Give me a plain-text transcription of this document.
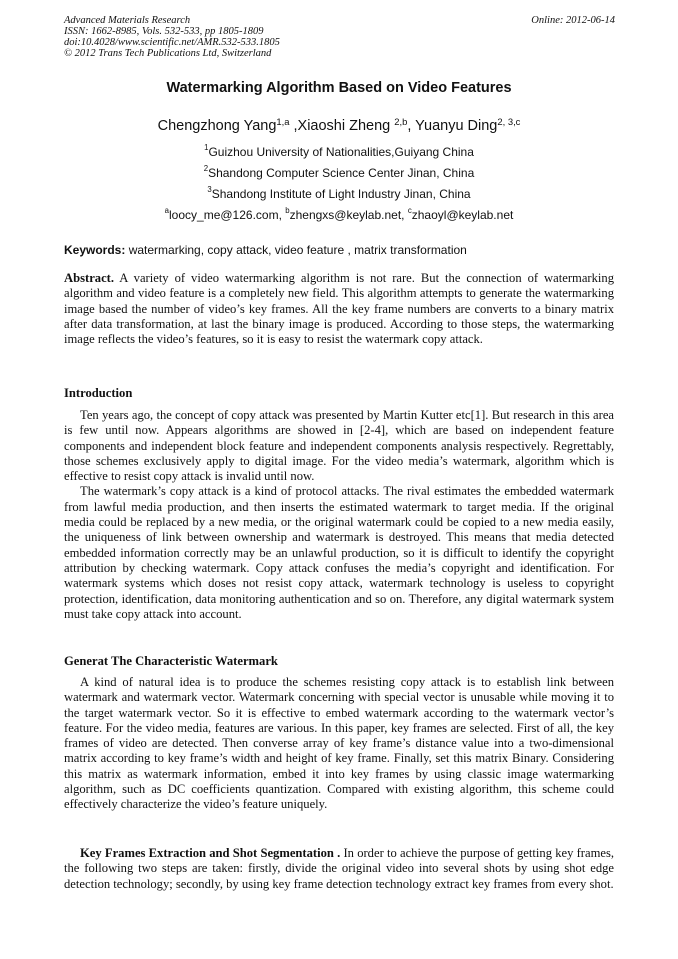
Advanced Materials Research
ISSN: 1662-8985, Vols. 532-533, pp 1805-1809
doi:10.4028/www.scientific.net/AMR.532-533.1805
© 2012 Trans Tech Publications Ltd, Switzerland
Online: 2012-06-14
Watermarking Algorithm Based on Video Features
Chengzhong Yang$^{1,a}$ ,Xiaoshi Zheng $^{2,b}$, Yuanyu Ding$^{2, 3,c}$
$^1$Guizhou University of Nationalities,Guiyang China
$^2$Shandong Computer Science Center Jinan, China
$^3$Shandong Institute of Light Industry Jinan, China
$^a$loocy_me@126.com, $^b$zhengxs@keylab.net, $^c$zhaoyl@keylab.net
Keywords: watermarking, copy attack, video feature , matrix transformation
Abstract. A variety of video watermarking algorithm is not rare. But the connection of watermarking algorithm and video feature is a completely new field. This algorithm attempts to generate the watermarking image based the number of video’s key frames. All the key frame numbers are converts to a binary matrix after data transformation, at last the binary image is produced. According to those steps, the watermarking image reflects the video’s features, so it is easy to resist the watermark copy attack.
Introduction

Ten years ago, the concept of copy attack was presented by Martin Kutter etc[1]. But research in this area is few until now. Appears algorithms are showed in [2-4], which are based on independent feature components and independent block feature and independent components analysis respectively. Regrettably, those schemes exclusively apply to digital image. For the video media’s watermark, algorithm which is effective to resist copy attack is invalid until now.

The watermark’s copy attack is a kind of protocol attacks. The rival estimates the embedded watermark from lawful media production, and then inserts the estimated watermark to target media. If the original media could be replaced by a new media, or the original watermark could be copied to a new media easily, the uniqueness of link between ownership and watermark is destroyed. This means that media detected embedded information correctly may be an unlawful production, so it is difficult to identify the copyright attribution by checking watermark. Copy attack confuses the media’s copyright and identification. For watermark systems which doses not resist copy attack, watermark technology is useless to copyright protection, identification, data monitoring authentication and so on. Therefore, any digital watermark system must take copy attack into account.

Generat The Characteristic Watermark

A kind of natural idea is to produce the schemes resisting copy attack is to establish link between watermark and watermark vector. Watermark concerning with special vector is unusable while moving it to the target watermark vector. So it is effective to embed watermark according to the watermark vector’s feature. For the video media, features are various. In this paper, key frames are selected. First of all, the key frames of video are detected. Then converse array of key frame’s distance value into a two-dimensional matrix according to key frame’s width and height of key frame. Finally, set this matrix Binary. Considering this matrix as watermark information, embed it into key frames by using classic image watermarking algorithm, such as DC coefficients quantization. Compared with existing algorithm, this scheme could effectively characterize the video’s feature uniquely.

Key Frames Extraction and Shot Segmentation . In order to achieve the purpose of getting key frames, the following two steps are taken: firstly, divide the original video into several shots by using shot edge detection technology; secondly, by using key frame detection technology extract key frames from every shot.
